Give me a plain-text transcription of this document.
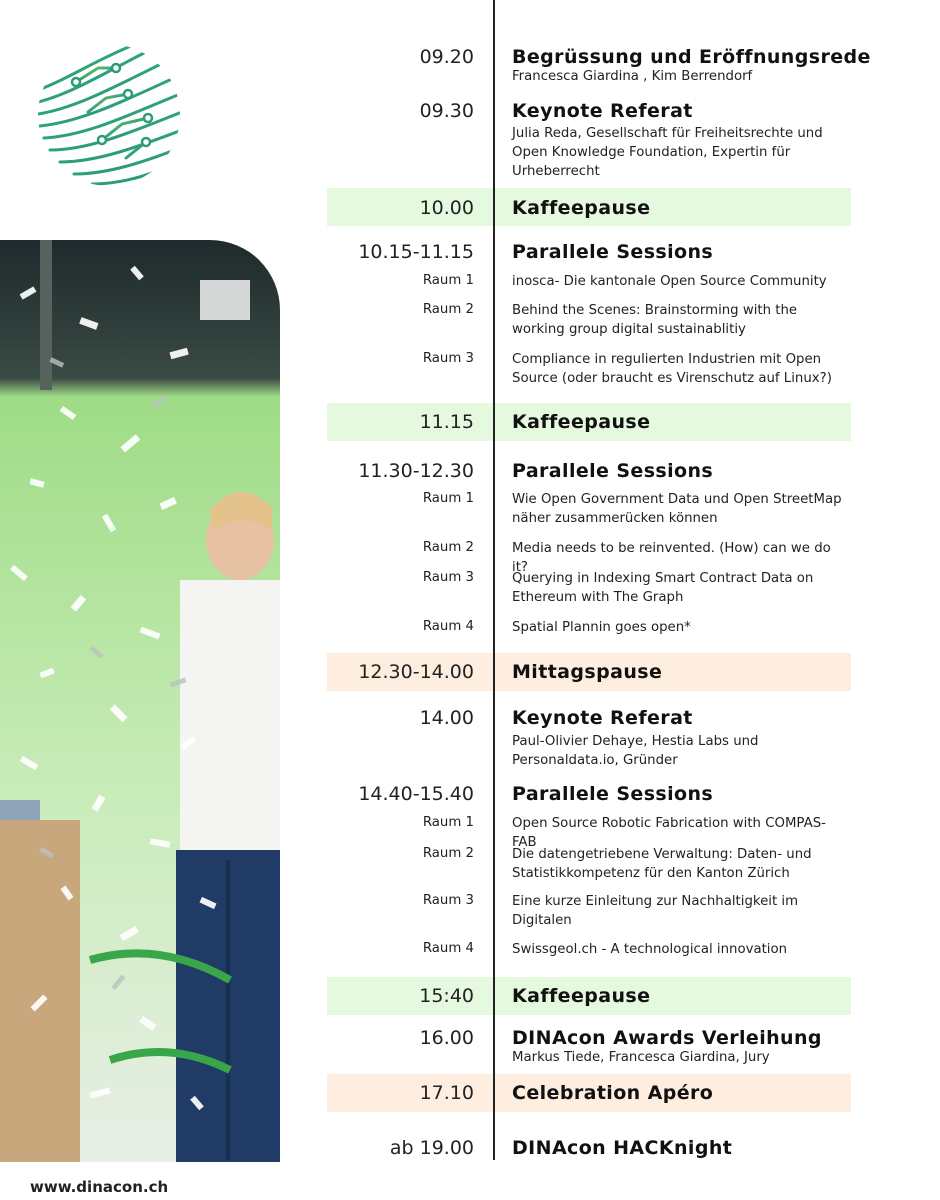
www.dinacon.ch
09.20 Begrüssung und Eröffnungsrede
Francesca Giardina , Kim Berrendorf
09.30 Keynote Referat
Julia Reda, Gesellschaft für Freiheitsrechte und Open Knowledge Foundation, Expertin für Urheberrecht
10.00 Kaffeepause
10.15-11.15 Parallele Sessions
Raum 1	inosca- Die kantonale Open Source Community
Raum 2	Behind the Scenes: Brainstorming with the working group digital sustainablitiy
Raum 3	Compliance in regulierten Industrien mit Open Source (oder braucht es Virenschutz auf Linux?)
11.15 Kaffeepause
11.30-12.30 Parallele Sessions
Raum 1	Wie Open Government Data und Open StreetMap näher zusammerücken können
Raum 2	Media needs to be reinvented. (How) can we do it?
Raum 3	Querying in Indexing Smart Contract Data on Ethereum with The Graph
Raum 4	Spatial Plannin goes open*
12.30-14.00 Mittagspause
14.00 Keynote Referat
Paul-Olivier Dehaye, Hestia Labs und Personaldata.io, Gründer
14.40-15.40 Parallele Sessions
Raum 1	Open Source Robotic Fabrication with COMPAS-FAB
Raum 2	Die datengetriebene Verwaltung: Daten- und Statistikkompetenz für den Kanton Zürich
Raum 3	Eine kurze Einleitung zur Nachhaltigkeit im Digitalen
Raum 4	Swissgeol.ch - A technological innovation
15:40 Kaffeepause
16.00 DINAcon Awards Verleihung
Markus Tiede, Francesca Giardina, Jury
17.10 Celebration Apéro
ab 19.00 DINAcon HACKnight
